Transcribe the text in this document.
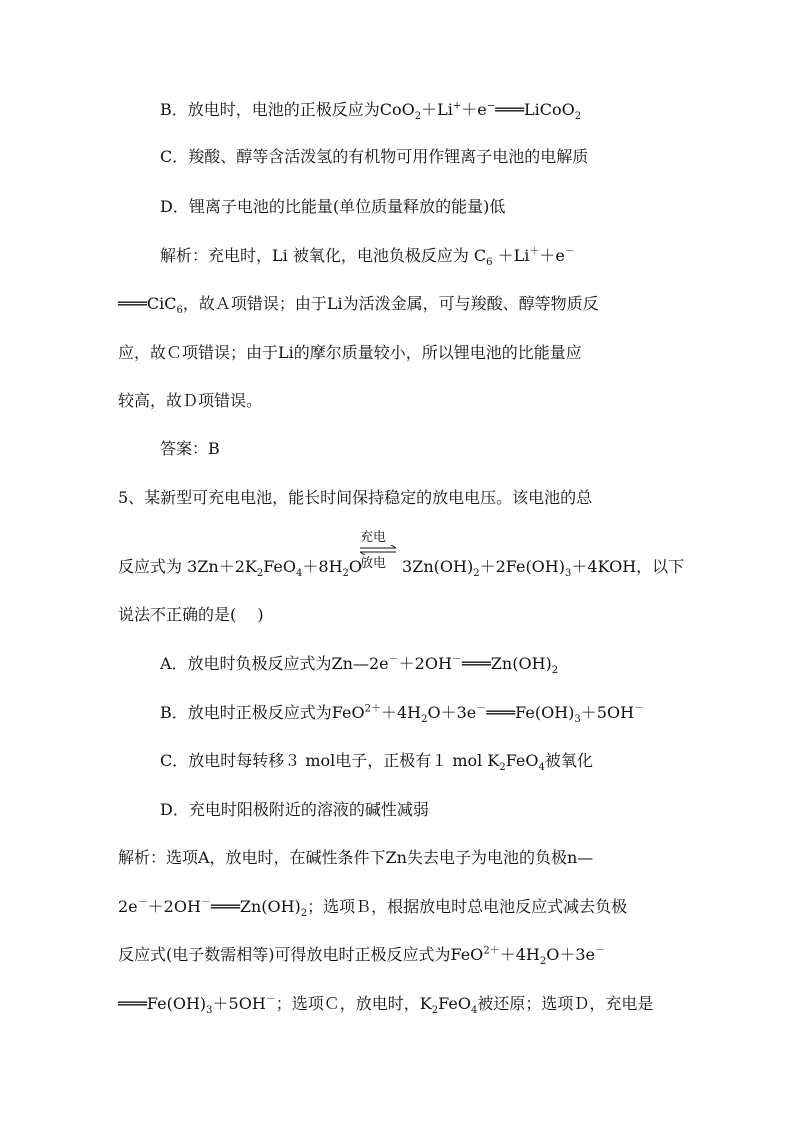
B．放电时，电池的正极反应为CoO$_2$＋Li+＋e−═══LiCoO$_2$
C．羧酸、醇等含活泼氢的有机物可用作锂离子电池的电解质
D．锂离子电池的比能量(单位质量释放的能量)低
解析：充电时，Li 被氧化，电池负极反应为 $C_6 +Li^++e^-$
═══CiC$_6$，故Ａ项错误；由于Li为活泼金属，可与羧酸、醇等物质反
应，故Ｃ项错误；由于Li的摩尔质量较小，所以锂电池的比能量应
较高，故Ｄ项错误。
答案：B
5、某新型可充电电池，能长时间保持稳定的放电电压。该电池的总
充电
放电
反应式为 $3Zn+2K_2FeO_4+8H_2O$	$3Zn(OH)_2+2Fe(OH)_3+4KOH$，以下
说法不正确的是(　 )
A．放电时负极反应式为$Zn—2e^-+2OH^-═══Zn(OH)_2$
B．放电时正极反应式为$FeO^{2+}+4H_2O+3e^-═══Fe(OH)_3+5OH^-$
C．放电时每转移３ mol电子，正极有１ mol $K_2FeO_4$被氧化
D．充电时阳极附近的溶液的碱性减弱
解析：选项A，放电时，在碱性条件下Zn失去电子为电池的负极n—
$2e^-+2OH^-═══Zn(OH)_2$；选项Ｂ，根据放电时总电池反应式减去负极
反应式(电子数需相等)可得放电时正极反应式为$FeO^{2+}+4H_2O+3e^-$
$═══Fe(OH)_3+5OH^-$；选项Ｃ，放电时，$K_2FeO_4$被还原；选项Ｄ，充电是
